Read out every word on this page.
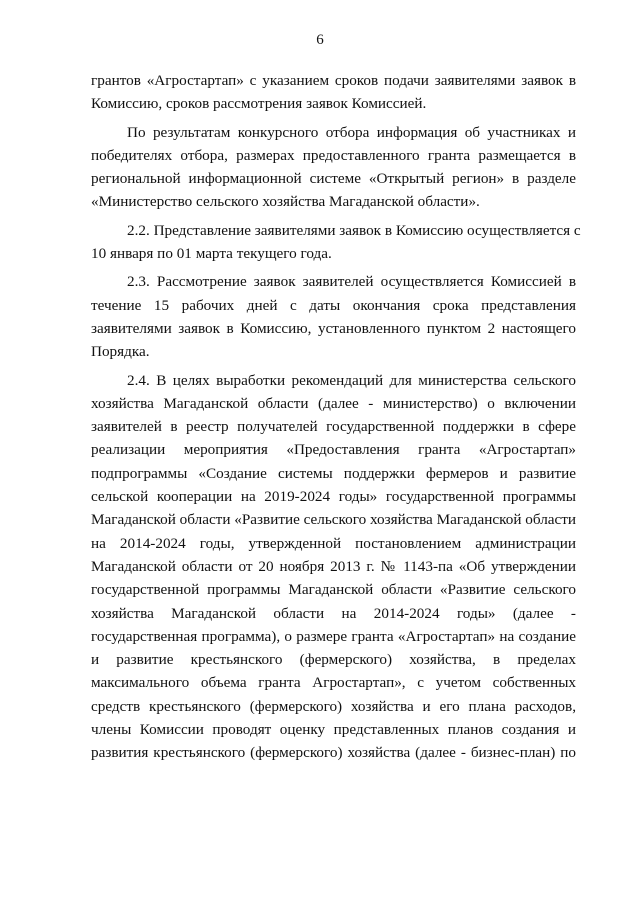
6
грантов «Агростартап» с указанием сроков подачи заявителями заявок в
Комиссию, сроков рассмотрения заявок Комиссией.
По результатам конкурсного отбора информация об участниках и
победителях отбора, размерах предоставленного гранта размещается в
региональной информационной системе «Открытый регион» в разделе
«Министерство сельского хозяйства Магаданской области».
2.2. Представление заявителями заявок в Комиссию осуществляется с
10 января по 01 марта текущего года.
2.3. Рассмотрение заявок заявителей осуществляется Комиссией в
течение 15 рабочих дней с даты окончания срока представления
заявителями заявок в Комиссию, установленного пунктом 2 настоящего
Порядка.
2.4. В целях выработки рекомендаций для министерства сельского
хозяйства Магаданской области (далее - министерство) о включении
заявителей в реестр получателей государственной поддержки в сфере
реализации мероприятия «Предоставления гранта «Агростартап»
подпрограммы «Создание системы поддержки фермеров и развитие
сельской кооперации на 2019-2024 годы» государственной программы
Магаданской области «Развитие сельского хозяйства Магаданской области
на 2014-2024 годы, утвержденной постановлением администрации
Магаданской области от 20 ноября 2013 г. № 1143-па «Об утверждении
государственной программы Магаданской области «Развитие сельского
хозяйства Магаданской области на 2014-2024 годы» (далее -
государственная программа), о размере гранта «Агростартап» на создание
и развитие крестьянского (фермерского) хозяйства, в пределах
максимального объема гранта Агростартап», с учетом собственных
средств крестьянского (фермерского) хозяйства и его плана расходов,
члены Комиссии проводят оценку представленных планов создания и
развития крестьянского (фермерского) хозяйства (далее - бизнес-план) по
